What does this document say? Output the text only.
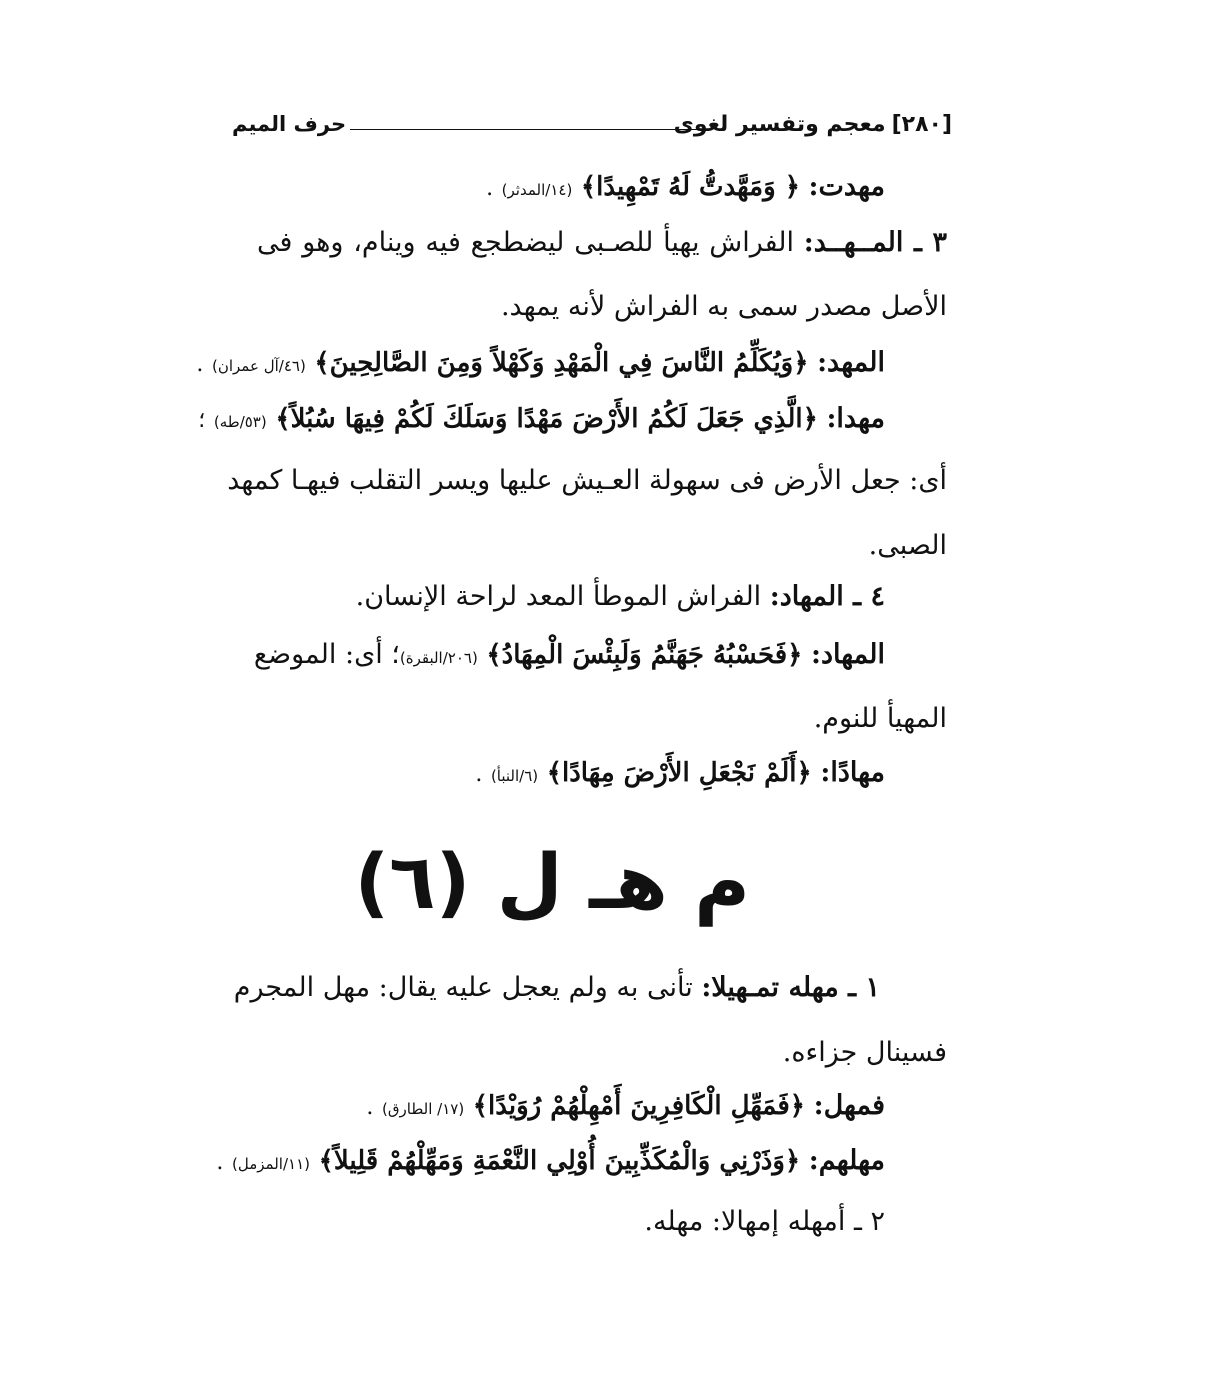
[٢٨٠]معجم وتفسير لغوى
حرف الميم
مهدت: ﴿ وَمَهَّدتُّ لَهُ تَمْهِيدًا﴾ (١٤/المدثر) .
٣ ـ المــهــد: الفراش يهيأ للصـبى ليضطجع فيه وينام، وهو فى
الأصل مصدر سمى به الفراش لأنه يمهد.
المهد: ﴿وَيُكَلِّمُ النَّاسَ فِي الْمَهْدِ وَكَهْلاً وَمِنَ الصَّالِحِينَ﴾ (٤٦/آل عمران) .
مهدا: ﴿الَّذِي جَعَلَ لَكُمُ الأَرْضَ مَهْدًا وَسَلَكَ لَكُمْ فِيهَا سُبُلاً﴾ (٥٣/طه) ؛
أى: جعل الأرض فى سهولة العـيش عليها ويسر التقلب فيهـا كمهد
الصبى.
٤ ـ المهاد: الفراش الموطأ المعد لراحة الإنسان.
المهاد: ﴿فَحَسْبُهُ جَهَنَّمُ وَلَبِئْسَ الْمِهَادُ﴾ (٢٠٦/البقرة)؛ أى: الموضع
المهيأ للنوم.
مهادًا: ﴿أَلَمْ نَجْعَلِ الأَرْضَ مِهَادًا﴾ (٦/النبأ) .
م هـ ل (٦)
١ ـ مهله تمـهيلا: تأنى به ولم يعجل عليه يقال: مهل المجرم
فسينال جزاءه.
فمهل: ﴿فَمَهِّلِ الْكَافِرِينَ أَمْهِلْهُمْ رُوَيْدًا﴾ (١٧/ الطارق) .
مهلهم: ﴿وَذَرْنِي وَالْمُكَذِّبِينَ أُوْلِي النَّعْمَةِ وَمَهِّلْهُمْ قَلِيلاً﴾ (١١/المزمل) .
٢ ـ أمهله إمهالا: مهله.
